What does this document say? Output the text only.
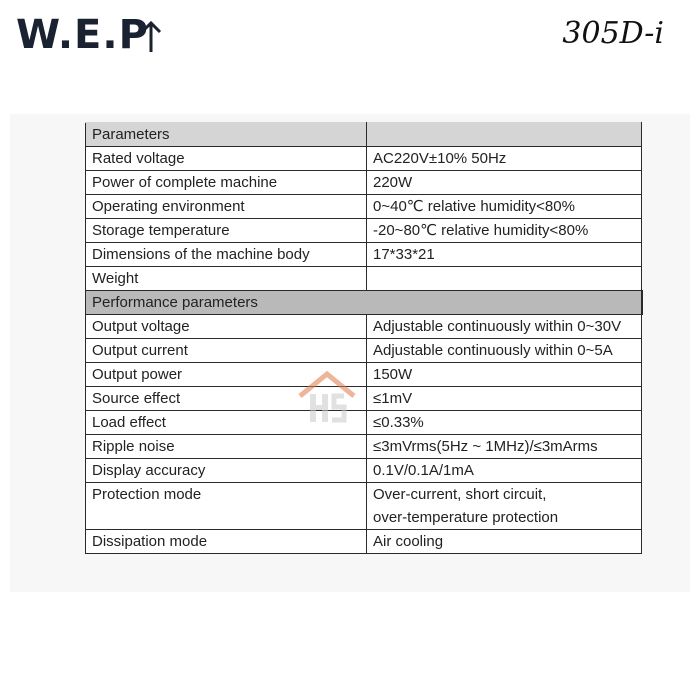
W.E.P	305D-i
Parameters	
Rated voltage	AC220V±10% 50Hz
Power of complete machine	220W
Operating environment	0~40℃ relative humidity<80%
Storage temperature	-20~80℃ relative humidity<80%
Dimensions of the machine body	17*33*21
Weight	
Performance parameters	
Output voltage	Adjustable continuously within 0~30V
Output current	Adjustable continuously within 0~5A
Output power	150W
Source effect	≤1mV
Load effect	≤0.33%
Ripple noise	≤3mVrms(5Hz ~ 1MHz)/≤3mArms
Display accuracy	0.1V/0.1A/1mA
Protection mode	Over-current, short circuit,
over-temperature protection

Dissipation mode	Air cooling
